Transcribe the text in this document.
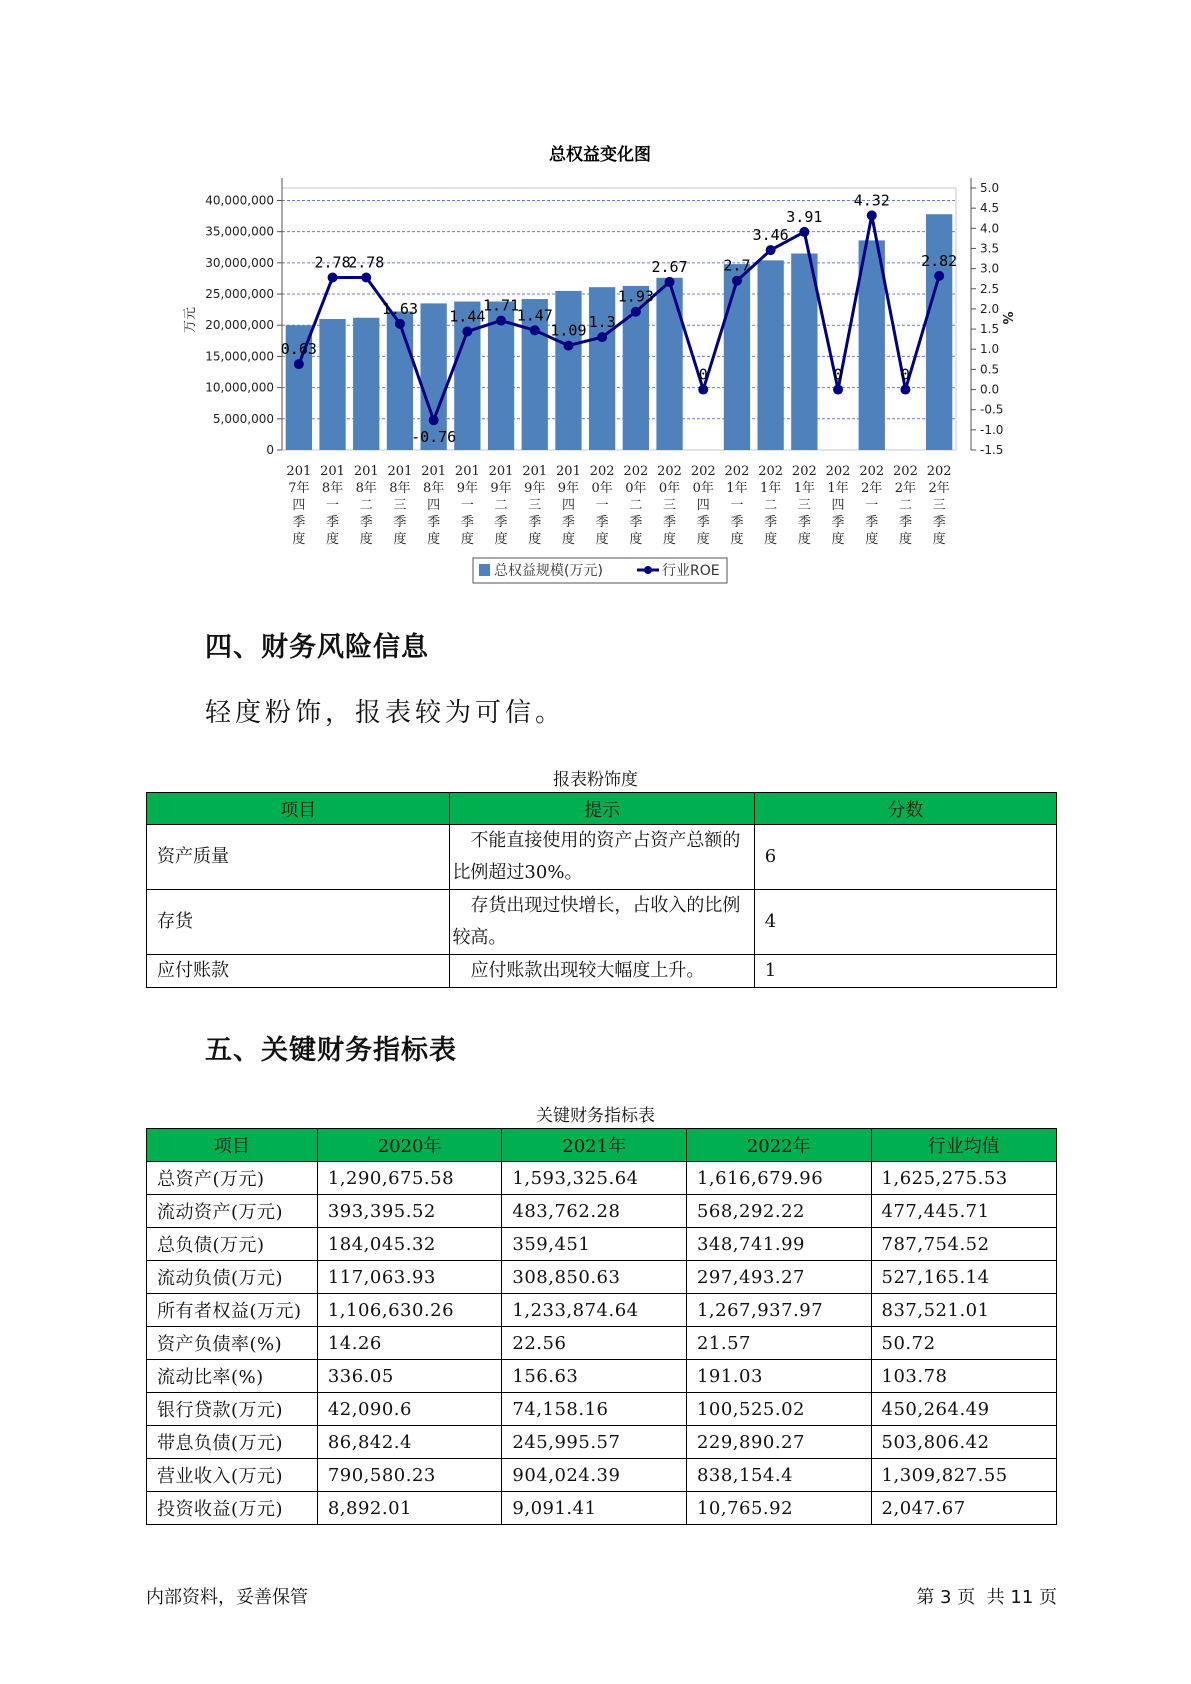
总权益变化图
40,000,000
35,000,000
30,000,000
25,000,000
20,000,000
15,000,000
10,000,000
5,000,000
0
5.0
4.5
4.0
3.5
3.0
2.5
2.0
1.5
1.0
0.5
0.0
-0.5
-1.0
-1.5
万元	%
201
7年
四
季
度
201
8年
一
季
度
201
8年
二
季
度
201
8年
三
季
度
201
8年
四
季
度
201
9年
一
季
度
201
9年
二
季
度
201
9年
三
季
度
201
9年
四
季
度
202
0年
一
季
度
202
0年
二
季
度
202
0年
三
季
度
202
0年
四
季
度
202
1年
一
季
度
202
1年
二
季
度
202
1年
三
季
度
202
1年
四
季
度
202
2年
一
季
度
202
2年
二
季
度
202
2年
三
季
度
0.63
2.78
2.78
1.63
-0.76
1.44
1.71
1.47
1.09 1.3
1.93
2.67
0
2.7
3.46
3.91
0
4.32
0
2.82
总权益规模(万元)	行业ROE
四、财务风险信息
轻度粉饰，报表较为可信。
报表粉饰度
项目	提示	分数
资产质量	不能直接使用的资产占资产总额的比例超过30%。	6
存货	存货出现过快增长，占收入的比例较高。	4
应付账款	应付账款出现较大幅度上升。	1
五、关键财务指标表
关键财务指标表
项目	2020年	2021年	2022年	行业均值
总资产(万元)	1,290,675.58	1,593,325.64	1,616,679.96	1,625,275.53
流动资产(万元)	393,395.52	483,762.28	568,292.22	477,445.71
总负债(万元)	184,045.32	359,451	348,741.99	787,754.52
流动负债(万元)	117,063.93	308,850.63	297,493.27	527,165.14
所有者权益(万元)	1,106,630.26	1,233,874.64	1,267,937.97	837,521.01
资产负债率(%)	14.26	22.56	21.57	50.72
流动比率(%)	336.05	156.63	191.03	103.78
银行贷款(万元)	42,090.6	74,158.16	100,525.02	450,264.49
带息负债(万元)	86,842.4	245,995.57	229,890.27	503,806.42
营业收入(万元)	790,580.23	904,024.39	838,154.4	1,309,827.55
投资收益(万元)	8,892.01	9,091.41	10,765.92	2,047.67
内部资料，妥善保管	第 3 页  共 11 页
